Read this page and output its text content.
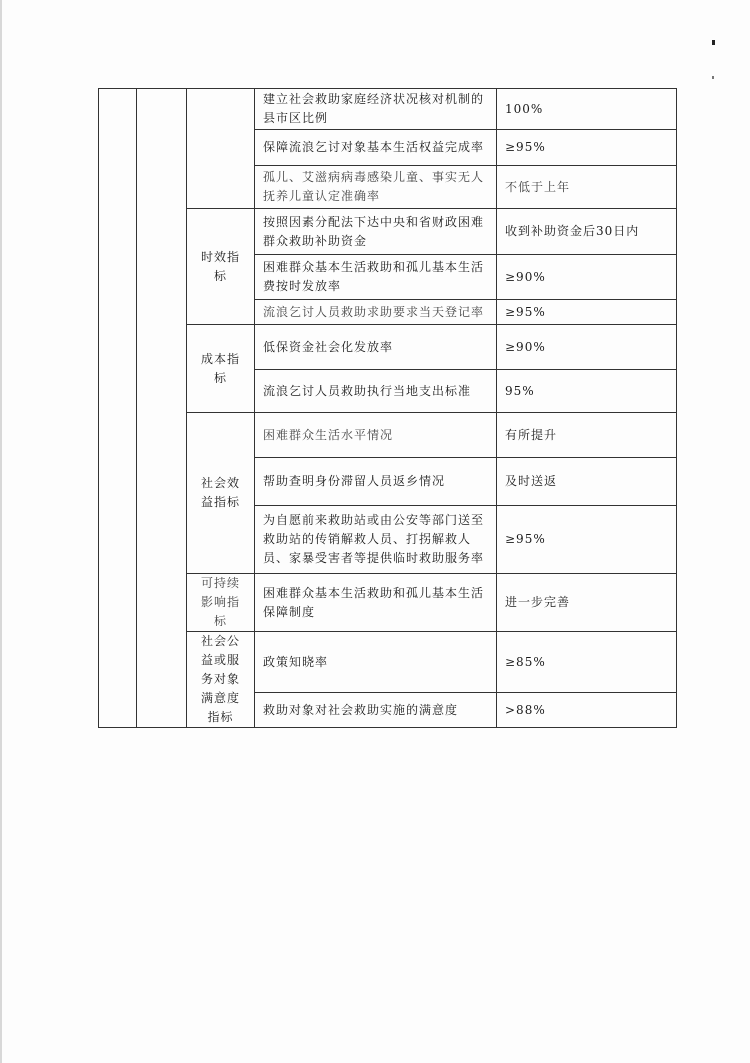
			建立社会救助家庭经济状况核对机制的县市区比例	100%
			保障流浪乞讨对象基本生活权益完成率	≥95%
			孤儿、艾滋病病毒感染儿童、事实无人抚养儿童认定准确率	不低于上年
		时效指标	按照因素分配法下达中央和省财政困难群众救助补助资金	收到补助资金后30日内
			困难群众基本生活救助和孤儿基本生活费按时发放率	≥90%
			流浪乞讨人员救助求助要求当天登记率	≥95%
		成本指标	低保资金社会化发放率	≥90%
			流浪乞讨人员救助执行当地支出标准	95%
		社会效益指标	困难群众生活水平情况	有所提升
			帮助查明身份滞留人员返乡情况	及时送返
			为自愿前来救助站或由公安等部门送至救助站的传销解救人员、打拐解救人员、家暴受害者等提供临时救助服务率	≥95%
		可持续影响指标	困难群众基本生活救助和孤儿基本生活保障制度	进一步完善
		社会公益或服务对象满意度指标	政策知晓率	≥85%
			救助对象对社会救助实施的满意度	>88%
